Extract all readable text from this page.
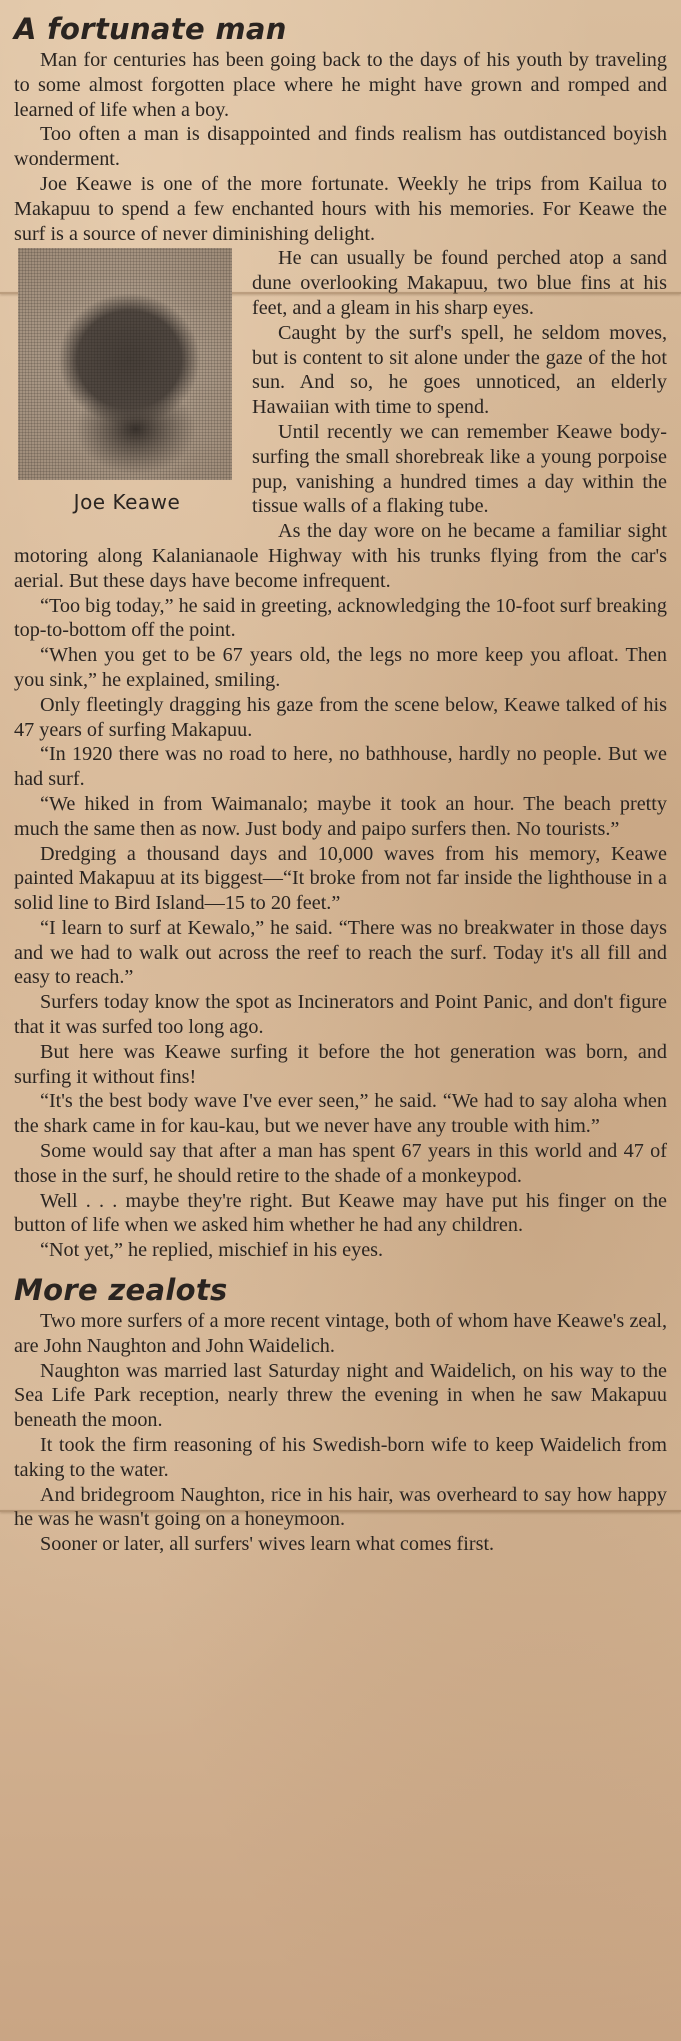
A fortunate man

Man for centuries has been going back to the days of his youth by traveling to some almost forgotten place where he might have grown and romped and learned of life when a boy.

Too often a man is disappointed and finds realism has outdistanced boyish wonderment.

Joe Keawe is one of the more fortunate. Weekly he trips from Kailua to Makapuu to spend a few enchanted hours with his memories. For Keawe the surf is a source of never diminishing delight.

Joe Keawe

He can usually be found perched atop a sand dune overlooking Makapuu, two blue fins at his feet, and a gleam in his sharp eyes.

Caught by the surf's spell, he seldom moves, but is content to sit alone under the gaze of the hot sun. And so, he goes unnoticed, an elderly Hawaiian with time to spend.

Until recently we can remember Keawe body-surfing the small shorebreak like a young porpoise pup, vanishing a hundred times a day within the tissue walls of a flaking tube.

As the day wore on he became a familiar sight motoring along Kalanianaole Highway with his trunks flying from the car's aerial. But these days have become infrequent.

“Too big today,” he said in greeting, acknowledging the 10-foot surf breaking top-to-bottom off the point.

“When you get to be 67 years old, the legs no more keep you afloat. Then you sink,” he explained, smiling.

Only fleetingly dragging his gaze from the scene below, Keawe talked of his 47 years of surfing Makapuu.

“In 1920 there was no road to here, no bathhouse, hardly no people. But we had surf.

“We hiked in from Waimanalo; maybe it took an hour. The beach pretty much the same then as now. Just body and paipo surfers then. No tourists.”

Dredging a thousand days and 10,000 waves from his memory, Keawe painted Makapuu at its biggest—“It broke from not far inside the lighthouse in a solid line to Bird Island—15 to 20 feet.”

“I learn to surf at Kewalo,” he said. “There was no breakwater in those days and we had to walk out across the reef to reach the surf. Today it's all fill and easy to reach.”

Surfers today know the spot as Incinerators and Point Panic, and don't figure that it was surfed too long ago.

But here was Keawe surfing it before the hot generation was born, and surfing it without fins!

“It's the best body wave I've ever seen,” he said. “We had to say aloha when the shark came in for kau-kau, but we never have any trouble with him.”

Some would say that after a man has spent 67 years in this world and 47 of those in the surf, he should retire to the shade of a monkeypod.

Well . . . maybe they're right. But Keawe may have put his finger on the button of life when we asked him whether he had any children.

“Not yet,” he replied, mischief in his eyes.

More zealots

Two more surfers of a more recent vintage, both of whom have Keawe's zeal, are John Naughton and John Waidelich.

Naughton was married last Saturday night and Waidelich, on his way to the Sea Life Park reception, nearly threw the evening in when he saw Makapuu beneath the moon.

It took the firm reasoning of his Swedish-born wife to keep Waidelich from taking to the water.

And bridegroom Naughton, rice in his hair, was overheard to say how happy he was he wasn't going on a honeymoon.

Sooner or later, all surfers' wives learn what comes first.
